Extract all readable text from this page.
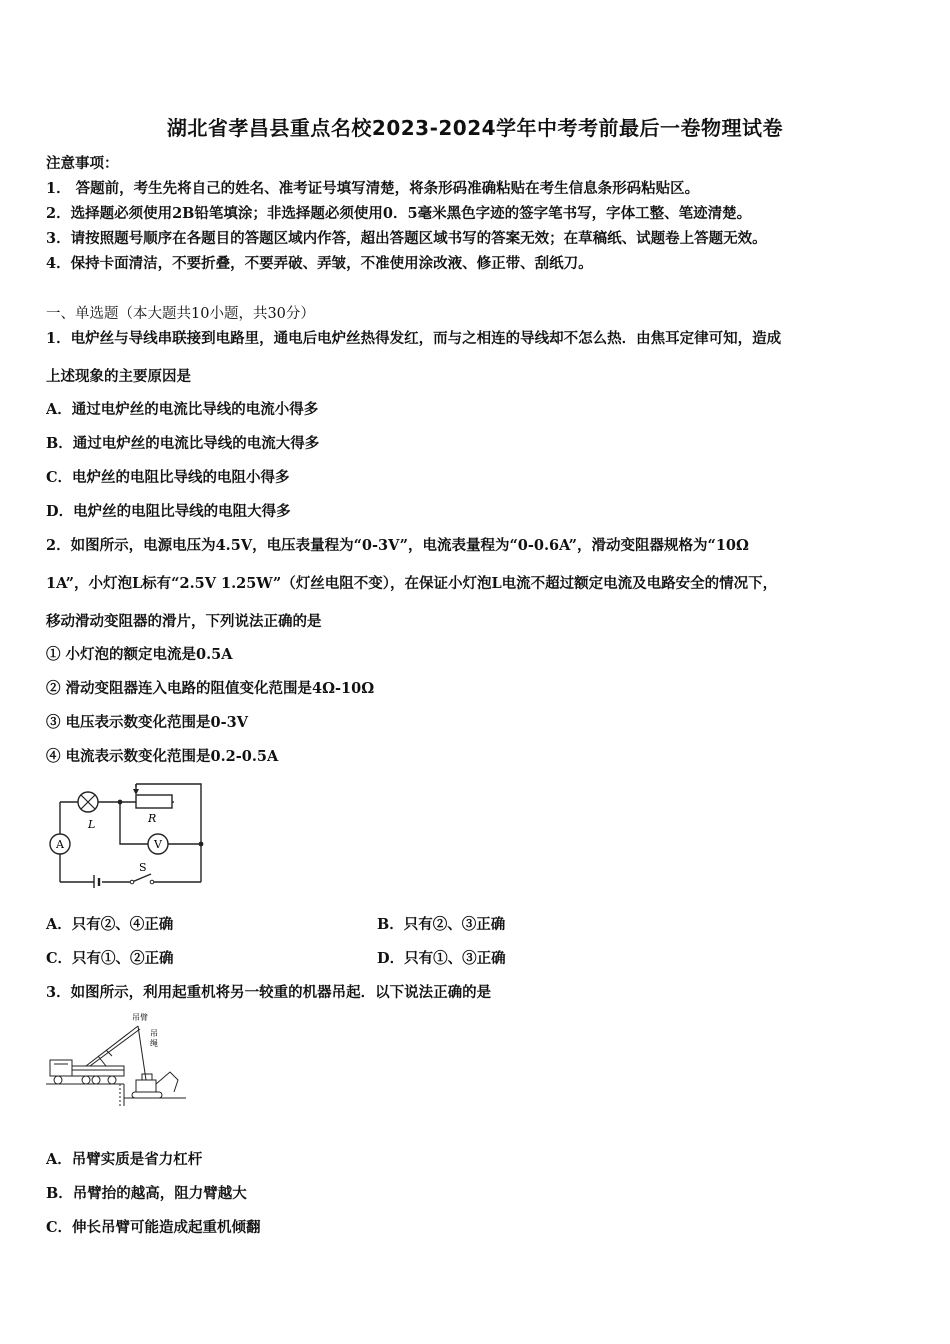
湖北省孝昌县重点名校2023-2024学年中考考前最后一卷物理试卷
注意事项：
1． 答题前，考生先将自己的姓名、准考证号填写清楚，将条形码准确粘贴在考生信息条形码粘贴区。
2．选择题必须使用2B铅笔填涂；非选择题必须使用0．5毫米黑色字迹的签字笔书写，字体工整、笔迹清楚。
3．请按照题号顺序在各题目的答题区域内作答，超出答题区域书写的答案无效；在草稿纸、试题卷上答题无效。
4．保持卡面清洁，不要折叠，不要弄破、弄皱，不准使用涂改液、修正带、刮纸刀。
一、单选题（本大题共10小题，共30分）
1．电炉丝与导线串联接到电路里，通电后电炉丝热得发红，而与之相连的导线却不怎么热．由焦耳定律可知，造成
上述现象的主要原因是
A．通过电炉丝的电流比导线的电流小得多
B．通过电炉丝的电流比导线的电流大得多
C．电炉丝的电阻比导线的电阻小得多
D．电炉丝的电阻比导线的电阻大得多
2．如图所示，电源电压为4.5V，电压表量程为“0-3V”，电流表量程为“0-0.6A”，滑动变阻器规格为“10Ω
1A”，小灯泡L标有“2.5V 1.25W”（灯丝电阻不变），在保证小灯泡L电流不超过额定电流及电路安全的情况下，
移动滑动变阻器的滑片，下列说法正确的是
① 小灯泡的额定电流是0.5A
② 滑动变阻器连入电路的阻值变化范围是4Ω-10Ω
③ 电压表示数变化范围是0-3V
④ 电流表示数变化范围是0.2-0.5A
V
A
L	R
S
A．只有②、④正确	B．只有②、③正确
C．只有①、②正确	D．只有①、③正确
3．如图所示，利用起重机将另一较重的机器吊起．以下说法正确的是
吊臂
吊
绳
A．吊臂实质是省力杠杆
B．吊臂抬的越高，阻力臂越大
C．伸长吊臂可能造成起重机倾翻
